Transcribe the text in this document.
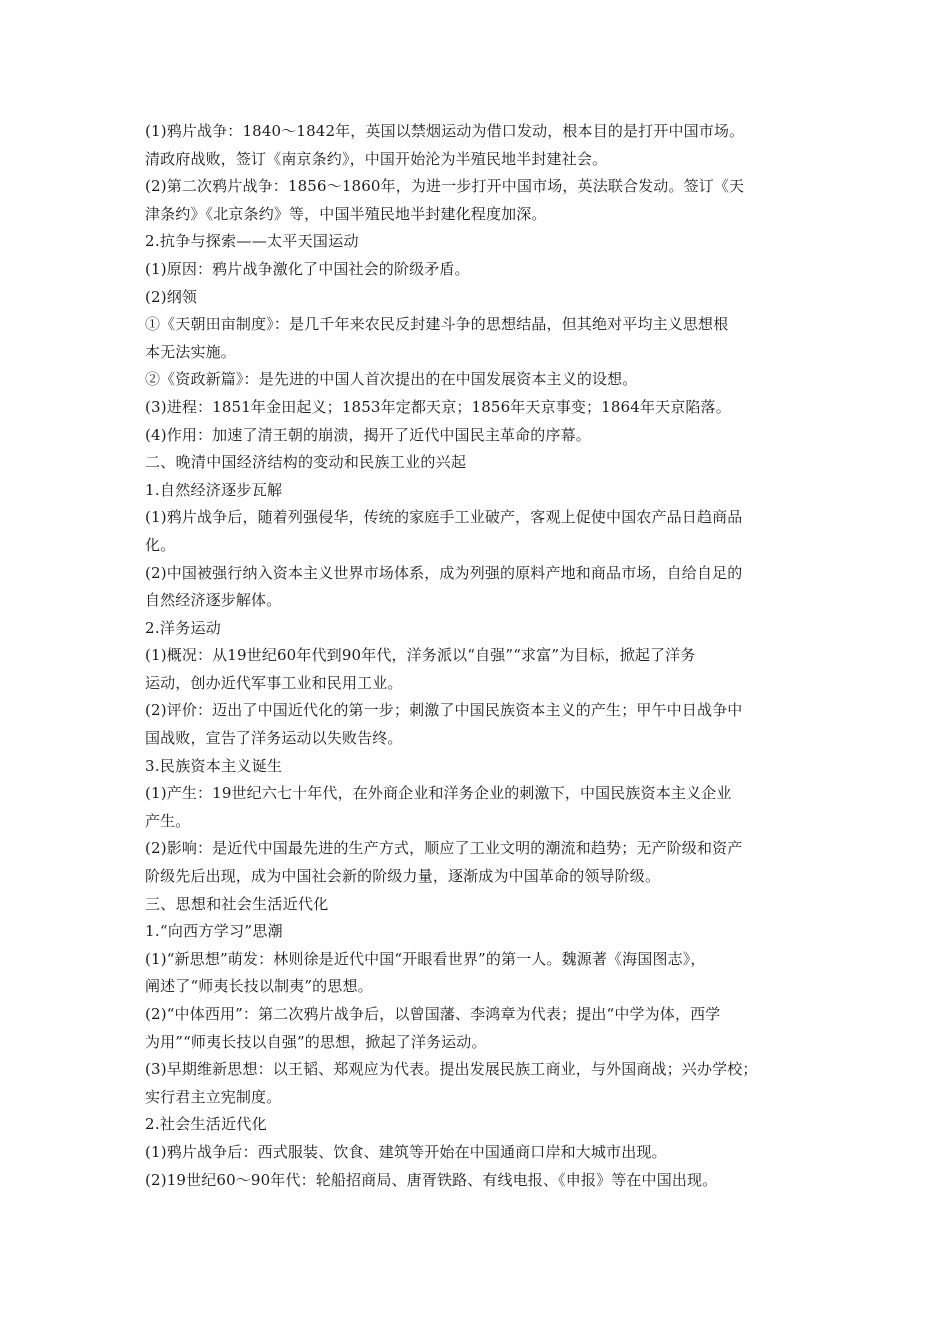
(1)鸦片战争：1840～1842年，英国以禁烟运动为借口发动，根本目的是打开中国市场。
清政府战败，签订《南京条约》，中国开始沦为半殖民地半封建社会。
(2)第二次鸦片战争：1856～1860年，为进一步打开中国市场，英法联合发动。签订《天
津条约》《北京条约》等，中国半殖民地半封建化程度加深。
2.抗争与探索——太平天国运动
(1)原因：鸦片战争激化了中国社会的阶级矛盾。
(2)纲领
①《天朝田亩制度》：是几千年来农民反封建斗争的思想结晶，但其绝对平均主义思想根
本无法实施。
②《资政新篇》：是先进的中国人首次提出的在中国发展资本主义的设想。
(3)进程：1851年金田起义；1853年定都天京；1856年天京事变；1864年天京陷落。
(4)作用：加速了清王朝的崩溃，揭开了近代中国民主革命的序幕。
二、晚清中国经济结构的变动和民族工业的兴起
1.自然经济逐步瓦解
(1)鸦片战争后，随着列强侵华，传统的家庭手工业破产，客观上促使中国农产品日趋商品
化。
(2)中国被强行纳入资本主义世界市场体系，成为列强的原料产地和商品市场，自给自足的
自然经济逐步解体。
2.洋务运动
(1)概况：从19世纪60年代到90年代，洋务派以“自强”“求富”为目标，掀起了洋务
运动，创办近代军事工业和民用工业。
(2)评价：迈出了中国近代化的第一步；刺激了中国民族资本主义的产生；甲午中日战争中
国战败，宣告了洋务运动以失败告终。
3.民族资本主义诞生
(1)产生：19世纪六七十年代，在外商企业和洋务企业的刺激下，中国民族资本主义企业
产生。
(2)影响：是近代中国最先进的生产方式，顺应了工业文明的潮流和趋势；无产阶级和资产
阶级先后出现，成为中国社会新的阶级力量，逐渐成为中国革命的领导阶级。
三、思想和社会生活近代化
1.“向西方学习”思潮
(1)“新思想”萌发：林则徐是近代中国“开眼看世界”的第一人。魏源著《海国图志》，
阐述了“师夷长技以制夷”的思想。
(2)“中体西用”：第二次鸦片战争后，以曾国藩、李鸿章为代表；提出“中学为体，西学
为用”“师夷长技以自强”的思想，掀起了洋务运动。
(3)早期维新思想：以王韬、郑观应为代表。提出发展民族工商业，与外国商战；兴办学校；
实行君主立宪制度。
2.社会生活近代化
(1)鸦片战争后：西式服装、饮食、建筑等开始在中国通商口岸和大城市出现。
(2)19世纪60～90年代：轮船招商局、唐胥铁路、有线电报、《申报》等在中国出现。
